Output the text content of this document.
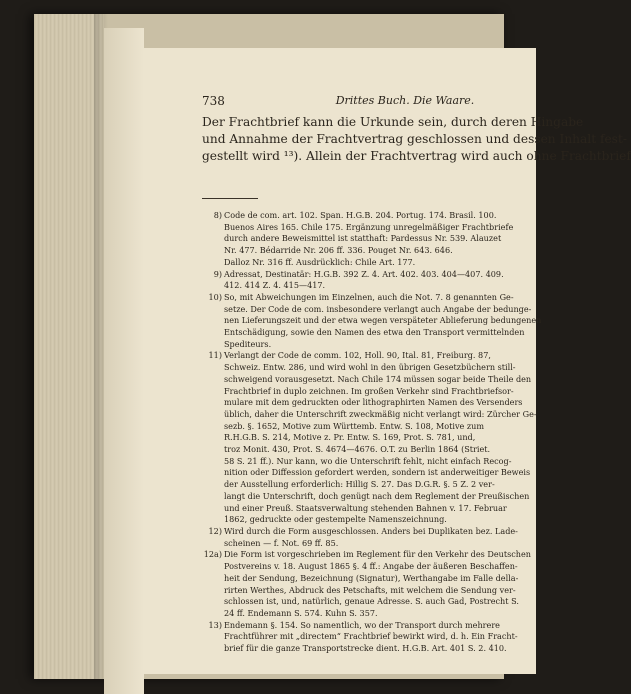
738	Drittes Buch. Die Waare.
Der Frachtbrief kann die Urkunde sein, durch deren Hingabe
und Annahme der Frachtvertrag geschlossen und dessen Inhalt fest-
gestellt wird ¹³). Allein der Frachtvertrag wird auch ohne Frachtbrief
8) Code de com. art. 102. Span. H.G.B. 204. Portug. 174. Brasil. 100.
Buenos Aires 165. Chile 175. Ergänzung unregelmäßiger Frachtbriefe
durch andere Beweismittel ist statthaft: Pardessus Nr. 539. Alauzet
Nr. 477. Bédarride Nr. 206 ff. 336. Pouget Nr. 643. 646.
Dalloz Nr. 316 ff. Ausdrücklich: Chile Art. 177.
9) Adressat, Destinatär: H.G.B. 392 Z. 4. Art. 402. 403. 404—407. 409.
412. 414 Z. 4. 415—417.
10) So, mit Abweichungen im Einzelnen, auch die Not. 7. 8 genannten Ge-
setze. Der Code de com. insbesondere verlangt auch Angabe der bedunge-
nen Lieferungszeit und der etwa wegen verspäteter Ablieferung bedungenen
Entschädigung, sowie den Namen des etwa den Transport vermittelnden
Spediteurs.
11) Verlangt der Code de comm. 102, Holl. 90, Ital. 81, Freiburg. 87,
Schweiz. Entw. 286, und wird wohl in den übrigen Gesetzbüchern still-
schweigend vorausgesetzt. Nach Chile 174 müssen sogar beide Theile den
Frachtbrief in duplo zeichnen. Im großen Verkehr sind Frachtbriefsor-
mulare mit dem gedruckten oder lithographirten Namen des Versenders
üblich, daher die Unterschrift zweckmäßig nicht verlangt wird: Zürcher Ge-
sezb. §. 1652, Motive zum Württemb. Entw. S. 108, Motive zum
R.H.G.B. S. 214, Motive z. Pr. Entw. S. 169, Prot. S. 781, und,
troz Monit. 430, Prot. S. 4674—4676. O.T. zu Berlin 1864 (Striet.
58 S. 21 ff.). Nur kann, wo die Unterschrift fehlt, nicht einfach Recog-
nition oder Diffession gefordert werden, sondern ist anderweitiger Beweis
der Ausstellung erforderlich: Hillig S. 27. Das D.G.R. §. 5 Z. 2 ver-
langt die Unterschrift, doch genügt nach dem Reglement der Preußischen
und einer Preuß. Staatsverwaltung stehenden Bahnen v. 17. Februar
1862, gedruckte oder gestempelte Namenszeichnung.
12) Wird durch die Form ausgeschlossen. Anders bei Duplikaten bez. Lade-
scheinen — f. Not. 69 ff. 85.
12a) Die Form ist vorgeschrieben im Reglement für den Verkehr des Deutschen
Postvereins v. 18. August 1865 §. 4 ff.: Angabe der äußeren Beschaffen-
heit der Sendung, Bezeichnung (Signatur), Werthangabe im Falle della-
rirten Werthes, Abdruck des Petschafts, mit welchem die Sendung ver-
schlossen ist, und, natürlich, genaue Adresse. S. auch Gad, Postrecht S.
24 ff. Endemann S. 574. Kuhn S. 357.
13) Endemann §. 154. So namentlich, wo der Transport durch mehrere
Frachtführer mit „directem“ Frachtbrief bewirkt wird, d. h. Ein Fracht-
brief für die ganze Transportstrecke dient. H.G.B. Art. 401 S. 2. 410.
